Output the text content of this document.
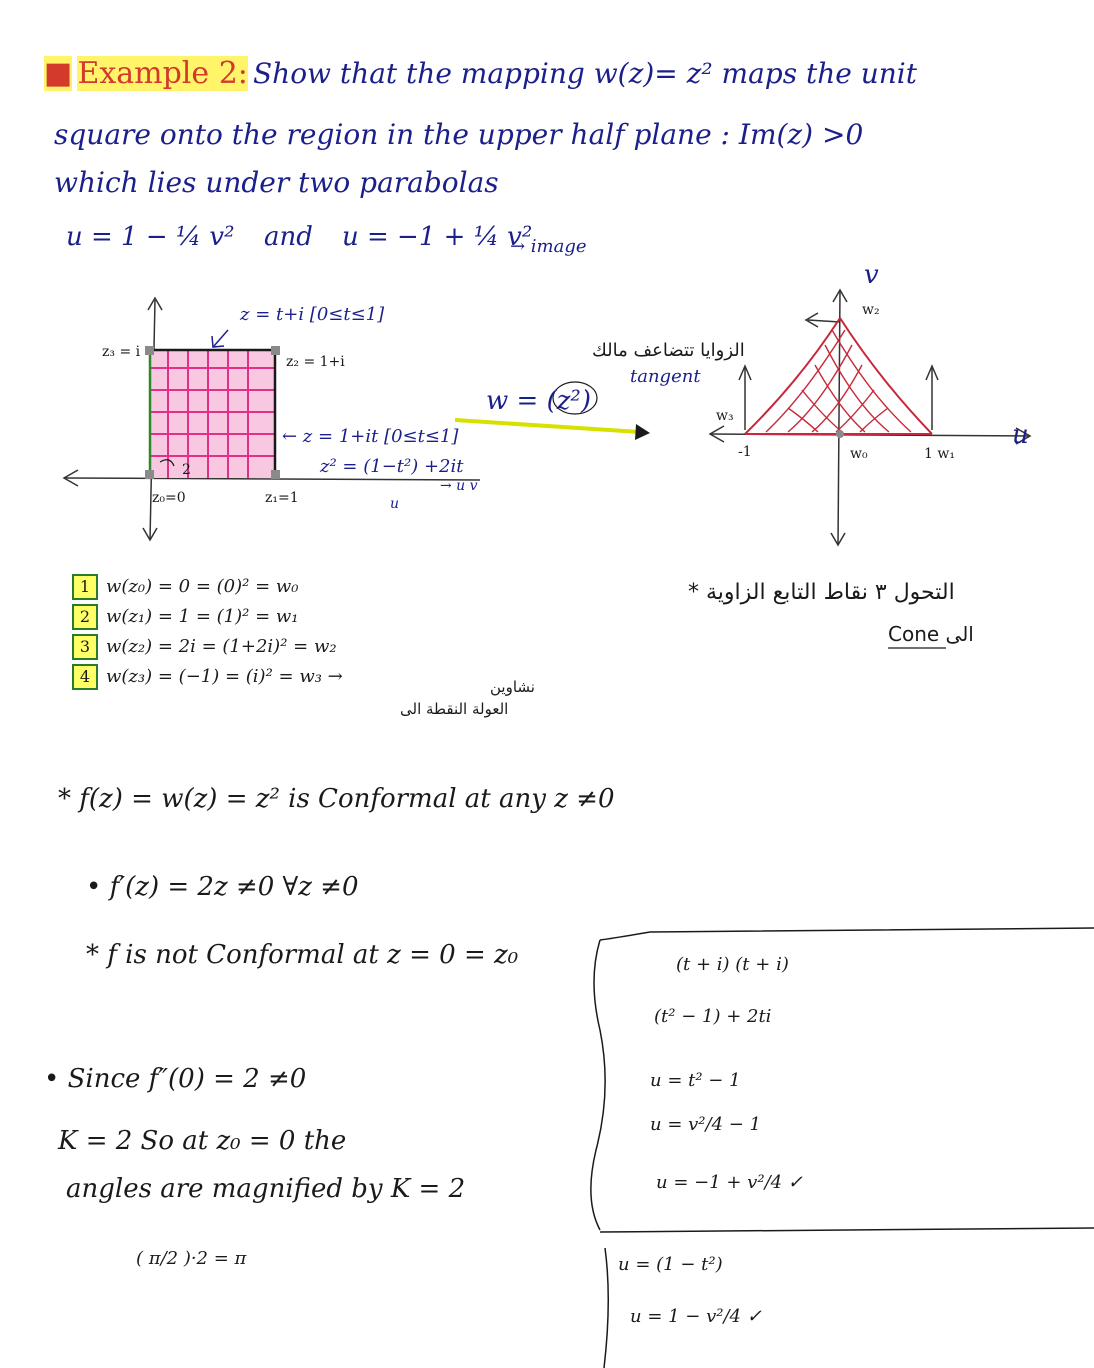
■ Example 2: Show that the mapping w(z)= z² maps the unit
square onto the region in the upper half plane : Im(z) >0
which lies under two parabolas
u = 1 − ¼ v² and u = −1 + ¼ v²
→ image
z = t+i [0≤t≤1]
z₃ = i
z₂ = 1+i
← z = 1+it [0≤t≤1]
z² = (1−t²) +2it
u
→ u v
z₀=0	z₁=1
2
w = (z²)
الزوايا تتضاعف مالك
tangent
v
w₂
w₃
-1	w₀	1 w₁
u
1 w(z₀) = 0 = (0)² = w₀
2 w(z₁) = 1 = (1)² = w₁
3 w(z₂) = 2i = (1+2i)² = w₂
4 w(z₃) = (−1) = (i)² = w₃ →	نشاوين
العولة النقطة الى
التحول ٣ نقاط التابع الزاوية *
الى Cone
* f(z) = w(z) = z² is Conformal at any z ≠0
• f′(z) = 2z ≠0 ∀z ≠0
* f is not Conformal at z = 0 = z₀
• Since f″(0) = 2 ≠0
K = 2 So at z₀ = 0 the
angles are magnified by K = 2
( π/2 )·2 = π
(t + i) (t + i)
(t² − 1) + 2ti
u = t² − 1
u = v²/4 − 1
u = −1 + v²/4 ✓
u = (1 − t²)
u = 1 − v²/4 ✓
